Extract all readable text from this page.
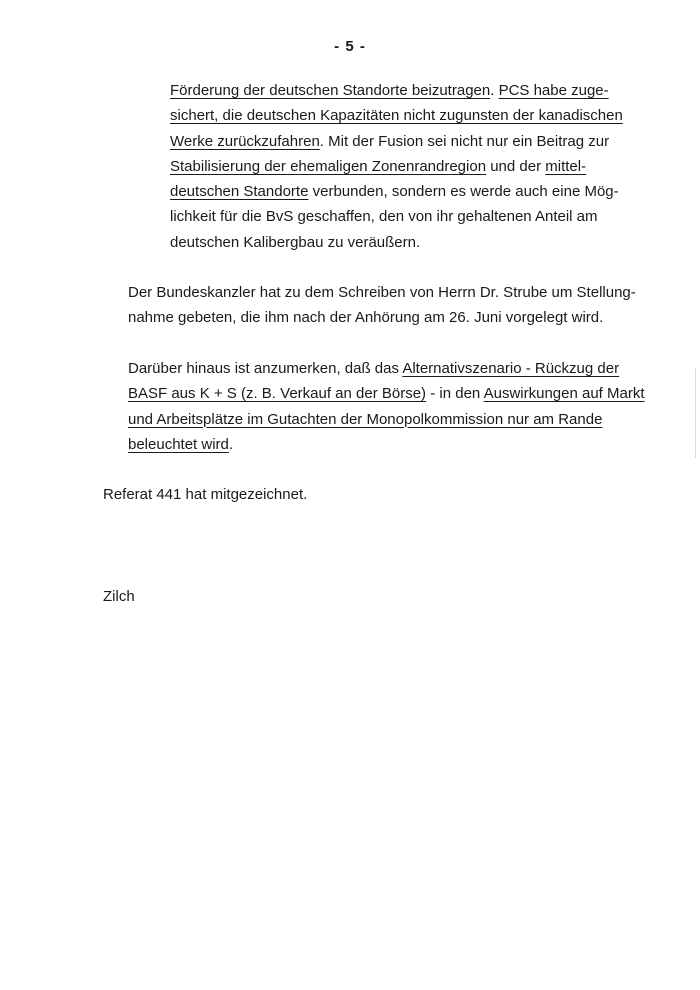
- 5 -
Förderung der deutschen Standorte beizutragen. PCS habe zuge-
sichert, die deutschen Kapazitäten nicht zugunsten der kanadischen
Werke zurückzufahren. Mit der Fusion sei nicht nur ein Beitrag zur
Stabilisierung der ehemaligen Zonenrandregion und der mittel-
deutschen Standorte verbunden, sondern es werde auch eine Mög-
lichkeit für die BvS geschaffen, den von ihr gehaltenen Anteil am
deutschen Kalibergbau zu veräußern.
Der Bundeskanzler hat zu dem Schreiben von Herrn Dr. Strube um Stellung-
nahme gebeten, die ihm nach der Anhörung am 26. Juni vorgelegt wird.
Darüber hinaus ist anzumerken, daß das Alternativszenario - Rückzug der
BASF aus K + S (z. B. Verkauf an der Börse) - in den Auswirkungen auf Markt
und Arbeitsplätze im Gutachten der Monopolkommission nur am Rande
beleuchtet wird.
Referat 441 hat mitgezeichnet.
Zilch
